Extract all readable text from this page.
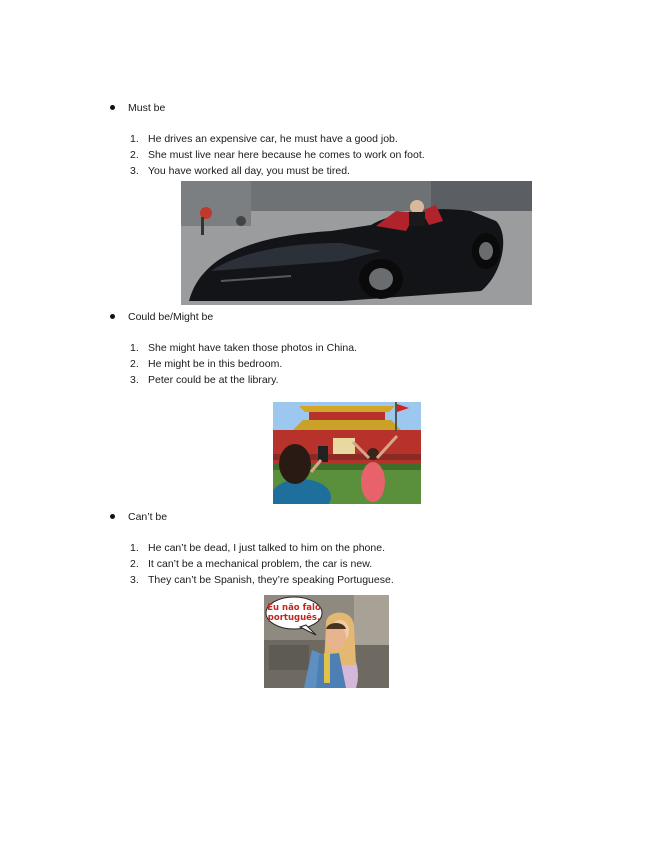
Must be
1. He drives an expensive car, he must have a good job.
2. She must live near here because he comes to work on foot.
3. You have worked all day, you must be tired.
Could be/Might be
1. She might have taken those photos in China.
2. He might be in this bedroom.
3. Peter could be at the library.
Can’t be
1. He can’t be dead, I just talked to him on the phone.
2. It can’t be a mechanical problem, the car is new.
3. They can’t be Spanish, they’re speaking Portuguese.
Eu não falo
português.
